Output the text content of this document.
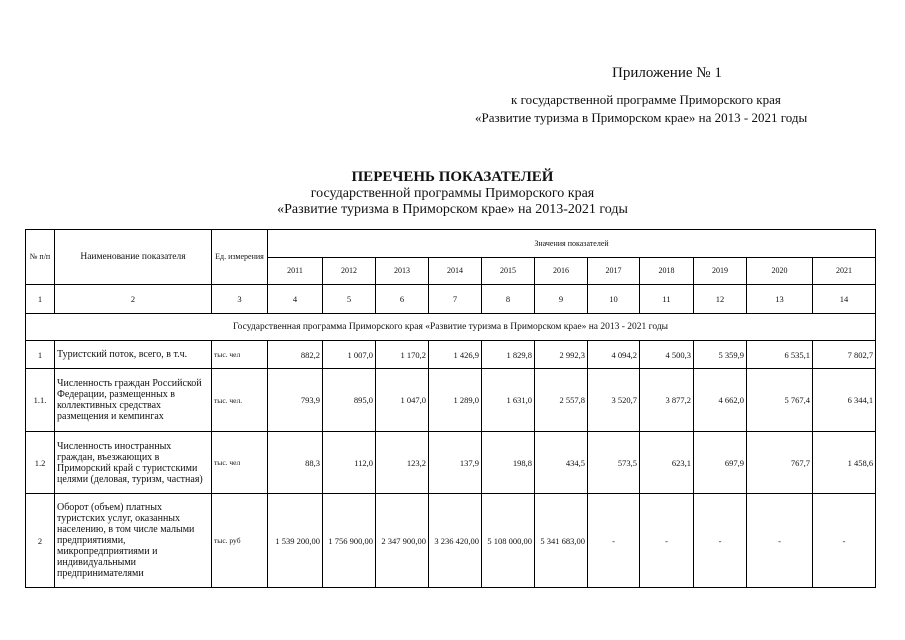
Приложение № 1
к государственной программе Приморского края
«Развитие туризма в Приморском крае» на 2013 - 2021 годы
ПЕРЕЧЕНЬ ПОКАЗАТЕЛЕЙ
государственной программы Приморского края
«Развитие туризма в Приморском крае» на 2013-2021 годы
№ п/п	Наименование показателя	Ед. измерения	Значения показателей										
			2011	2012	2013	2014	2015	2016	2017	2018	2019	2020	2021
1	2	3	4	5	6	7	8	9	10	11	12	13	14
Государственная программа Приморского края «Развитие туризма в Приморском крае» на 2013 - 2021 годы													
1	Туристский поток, всего, в т.ч.	тыс. чел	882,2	1 007,0	1 170,2	1 426,9	1 829,8	2 992,3	4 094,2	4 500,3	5 359,9	6 535,1	7 802,7
1.1.	Численность граждан Российской Федерации, размещенных в коллективных средствах размещения и кемпингах	тыс. чел.	793,9	895,0	1 047,0	1 289,0	1 631,0	2 557,8	3 520,7	3 877,2	4 662,0	5 767,4	6 344,1
1.2	Численность иностранных граждан, въезжающих в Приморский край с туристскими целями (деловая, туризм, частная)	тыс. чел	88,3	112,0	123,2	137,9	198,8	434,5	573,5	623,1	697,9	767,7	1 458,6
2	Оборот (объем) платных туристских услуг, оказанных населению, в том числе малыми предприятиями, микропредприятиями и индивидуальными предпринимателями	тыс. руб	1 539 200,00	1 756 900,00	2 347 900,00	3 236 420,00	5 108 000,00	5 341 683,00	-	-	-	-	-
